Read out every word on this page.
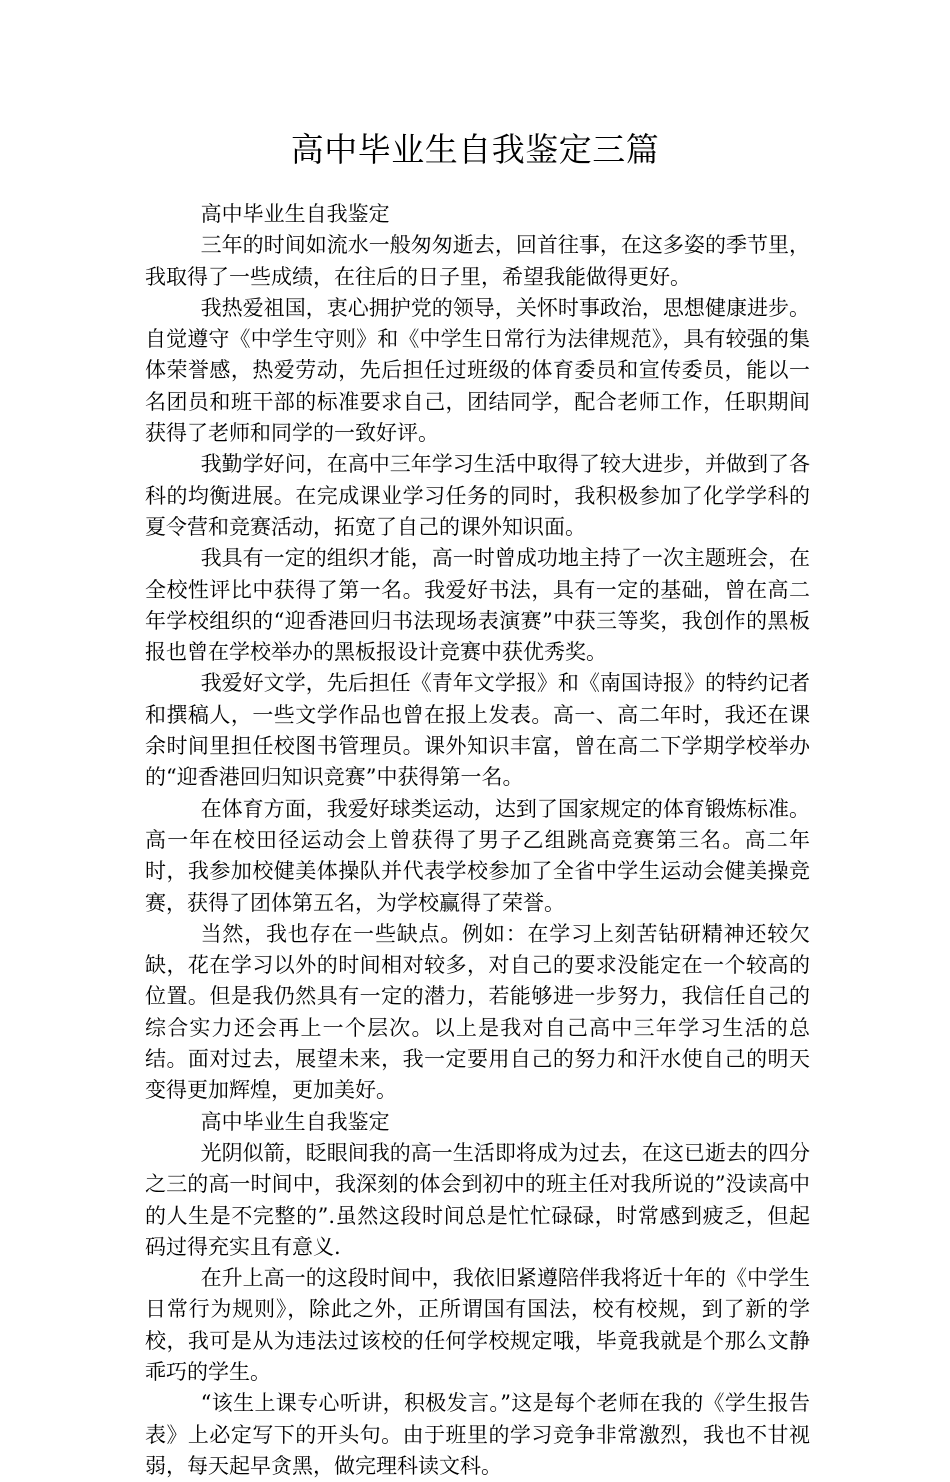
高中毕业生自我鉴定三篇

高中毕业生自我鉴定

三年的时间如流水一般匆匆逝去，回首往事，在这多姿的季节里，我取得了一些成绩，在往后的日子里，希望我能做得更好。

我热爱祖国，衷心拥护党的领导，关怀时事政治，思想健康进步。自觉遵守《中学生守则》和《中学生日常行为法律规范》，具有较强的集体荣誉感，热爱劳动，先后担任过班级的体育委员和宣传委员，能以一名团员和班干部的标准要求自己，团结同学，配合老师工作，任职期间获得了老师和同学的一致好评。

我勤学好问，在高中三年学习生活中取得了较大进步，并做到了各科的均衡进展。在完成课业学习任务的同时，我积极参加了化学学科的夏令营和竞赛活动，拓宽了自己的课外知识面。

我具有一定的组织才能，高一时曾成功地主持了一次主题班会，在全校性评比中获得了第一名。我爱好书法，具有一定的基础，曾在高二年学校组织的“迎香港回归书法现场表演赛”中获三等奖，我创作的黑板报也曾在学校举办的黑板报设计竞赛中获优秀奖。

我爱好文学，先后担任《青年文学报》和《南国诗报》的特约记者和撰稿人，一些文学作品也曾在报上发表。高一、高二年时，我还在课余时间里担任校图书管理员。课外知识丰富，曾在高二下学期学校举办的“迎香港回归知识竞赛”中获得第一名。

在体育方面，我爱好球类运动，达到了国家规定的体育锻炼标准。高一年在校田径运动会上曾获得了男子乙组跳高竞赛第三名。高二年时，我参加校健美体操队并代表学校参加了全省中学生运动会健美操竞赛，获得了团体第五名，为学校赢得了荣誉。

当然，我也存在一些缺点。例如：在学习上刻苦钻研精神还较欠缺，花在学习以外的时间相对较多，对自己的要求没能定在一个较高的位置。但是我仍然具有一定的潜力，若能够进一步努力，我信任自己的综合实力还会再上一个层次。以上是我对自己高中三年学习生活的总结。面对过去，展望未来，我一定要用自己的努力和汗水使自己的明天变得更加辉煌，更加美好。

高中毕业生自我鉴定

光阴似箭，眨眼间我的高一生活即将成为过去，在这已逝去的四分之三的高一时间中，我深刻的体会到初中的班主任对我所说的”没读高中的人生是不完整的”.虽然这段时间总是忙忙碌碌，时常感到疲乏，但起码过得充实且有意义.

在升上高一的这段时间中，我依旧紧遵陪伴我将近十年的《中学生日常行为规则》，除此之外，正所谓国有国法，校有校规，到了新的学校，我可是从为违法过该校的任何学校规定哦，毕竟我就是个那么文静乖巧的学生。

“该生上课专心听讲，积极发言。”这是每个老师在我的《学生报告表》上必定写下的开头句。由于班里的学习竞争非常激烈，我也不甘视弱，每天起早贪黑，做完理科读文科。
